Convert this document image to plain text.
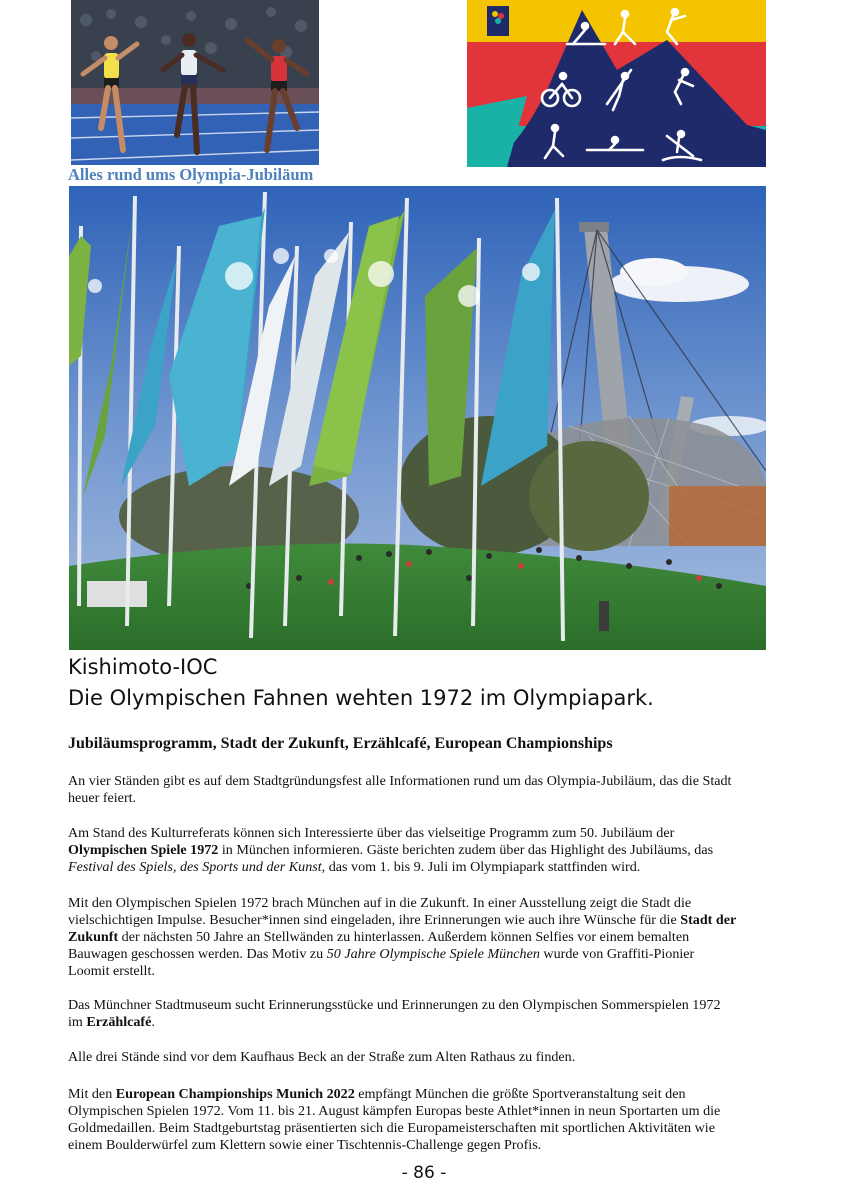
Alles rund ums Olympia-Jubiläum
Kishimoto-IOC
Die Olympischen Fahnen wehten 1972 im Olympiapark.
Jubiläumsprogramm, Stadt der Zukunft, Erzählcafé, European Championships
An vier Ständen gibt es auf dem Stadtgründungsfest alle Informationen rund um das Olympia-Jubiläum, das die Stadt heuer feiert.
Am Stand des Kulturreferats können sich Interessierte über das vielseitige Programm zum 50. Jubiläum der Olympischen Spiele 1972 in München informieren. Gäste berichten zudem über das Highlight des Jubiläums, das Festival des Spiels, des Sports und der Kunst, das vom 1. bis 9. Juli im Olympiapark stattfinden wird.
Mit den Olympischen Spielen 1972 brach München auf in die Zukunft. In einer Ausstellung zeigt die Stadt die vielschichtigen Impulse. Besucher*innen sind eingeladen, ihre Erinnerungen wie auch ihre Wünsche für die Stadt der Zukunft der nächsten 50 Jahre an Stellwänden zu hinterlassen. Außerdem können Selfies vor einem bemalten Bauwagen geschossen werden. Das Motiv zu 50 Jahre Olympische Spiele München wurde von Graffiti-Pionier Loomit erstellt.
Das Münchner Stadtmuseum sucht Erinnerungsstücke und Erinnerungen zu den Olympischen Sommerspielen 1972 im Erzählcafé.
Alle drei Stände sind vor dem Kaufhaus Beck an der Straße zum Alten Rathaus zu finden.
Mit den European Championships Munich 2022 empfängt München die größte Sportveranstaltung seit den Olympischen Spielen 1972. Vom 11. bis 21. August kämpfen Europas beste Athlet*innen in neun Sportarten um die Goldmedaillen. Beim Stadtgeburtstag präsentierten sich die Europameisterschaften mit sportlichen Aktivitäten wie einem Boulderwürfel zum Klettern sowie einer Tischtennis-Challenge gegen Profis.
- 86 -
